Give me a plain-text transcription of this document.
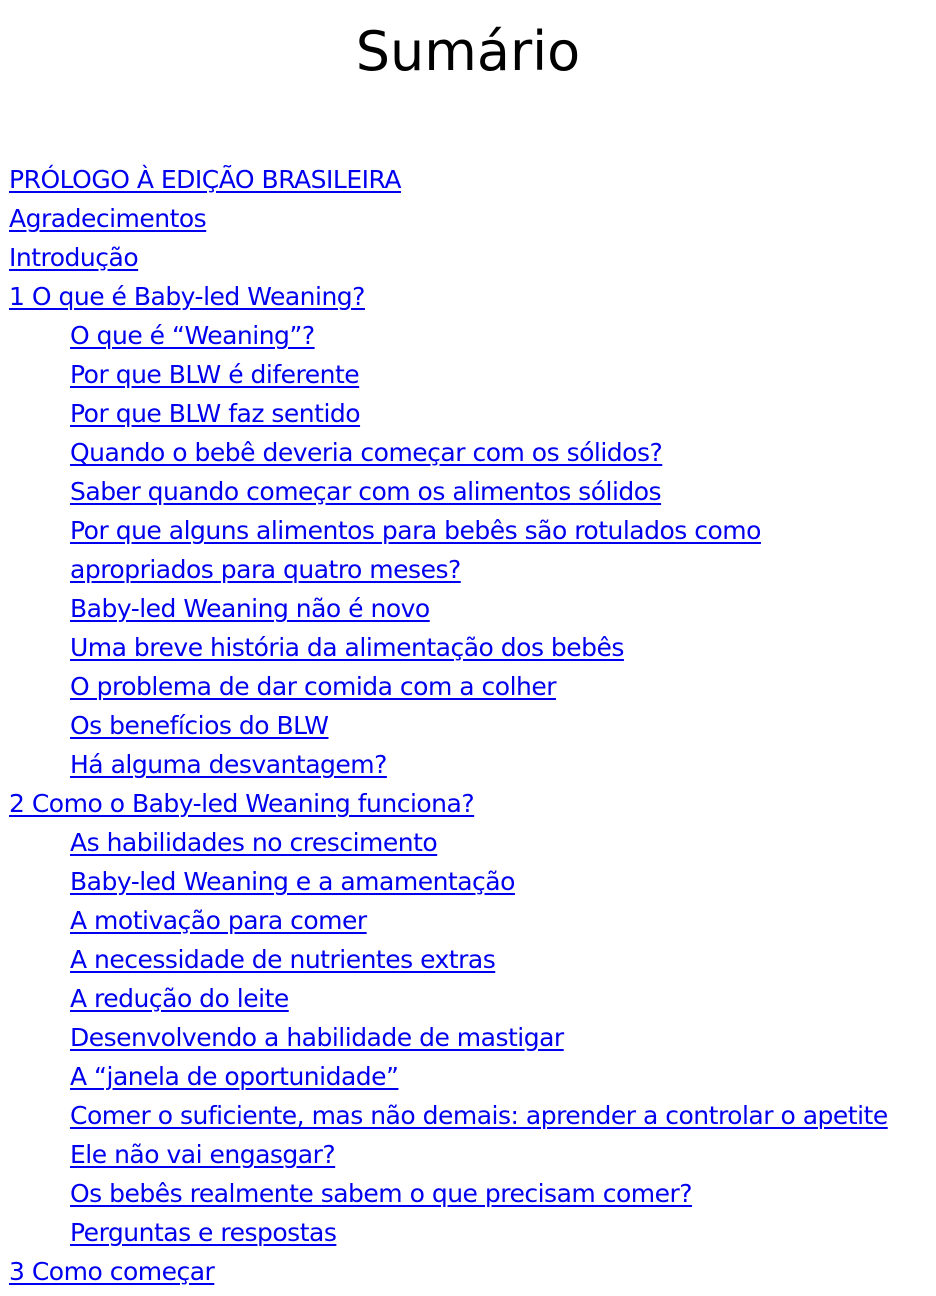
Sumário
PRÓLOGO À EDIÇÃO BRASILEIRA
Agradecimentos
Introdução
1 O que é Baby-led Weaning?
O que é “Weaning”?
Por que BLW é diferente
Por que BLW faz sentido
Quando o bebê deveria começar com os sólidos?
Saber quando começar com os alimentos sólidos
Por que alguns alimentos para bebês são rotulados como
apropriados para quatro meses?
Baby-led Weaning não é novo
Uma breve história da alimentação dos bebês
O problema de dar comida com a colher
Os benefícios do BLW
Há alguma desvantagem?
2 Como o Baby-led Weaning funciona?
As habilidades no crescimento
Baby-led Weaning e a amamentação
A motivação para comer
A necessidade de nutrientes extras
A redução do leite
Desenvolvendo a habilidade de mastigar
A “janela de oportunidade”
Comer o suficiente, mas não demais: aprender a controlar o apetite
Ele não vai engasgar?
Os bebês realmente sabem o que precisam comer?
Perguntas e respostas
3 Como começar
